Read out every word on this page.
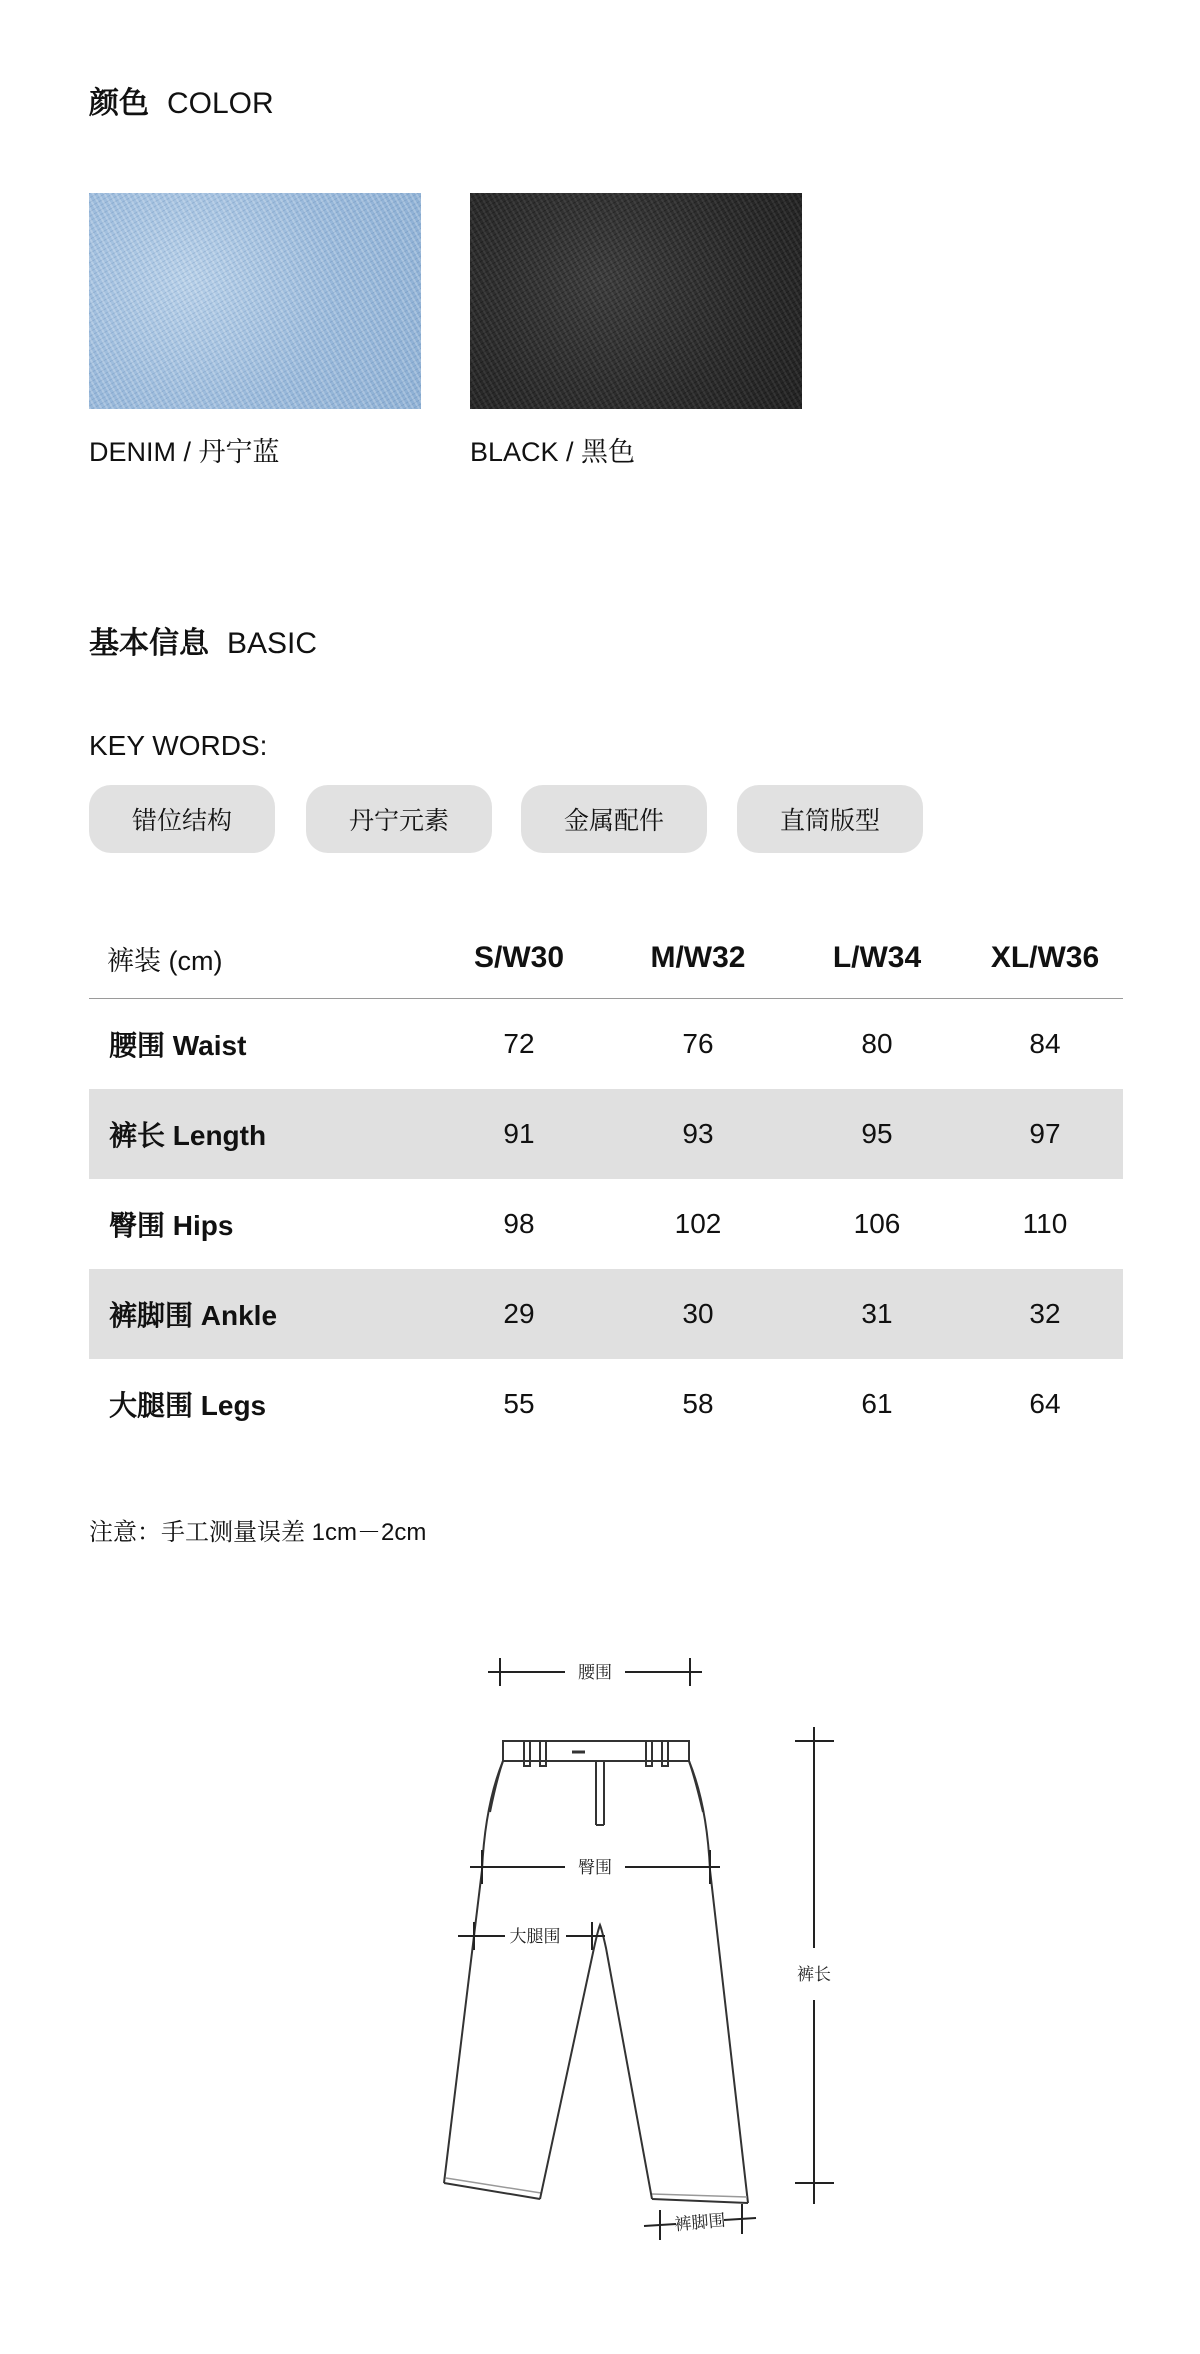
颜色 COLOR
DENIM / 丹宁蓝	BLACK / 黑色
基本信息 BASIC
KEY WORDS:
错位结构	丹宁元素	金属配件	直筒版型
裤装 (cm)	S/W30	M/W32	L/W34	XL/W36
腰围 Waist	72	76	80	84
裤长 Length	91	93	95	97
臀围 Hips	98	102	106	110
裤脚围 Ankle	29	30	31	32
大腿围 Legs	55	58	61	64
注意：手工测量误差 1cm－2cm
腰围
臀围
大腿围
裤长
裤脚围
